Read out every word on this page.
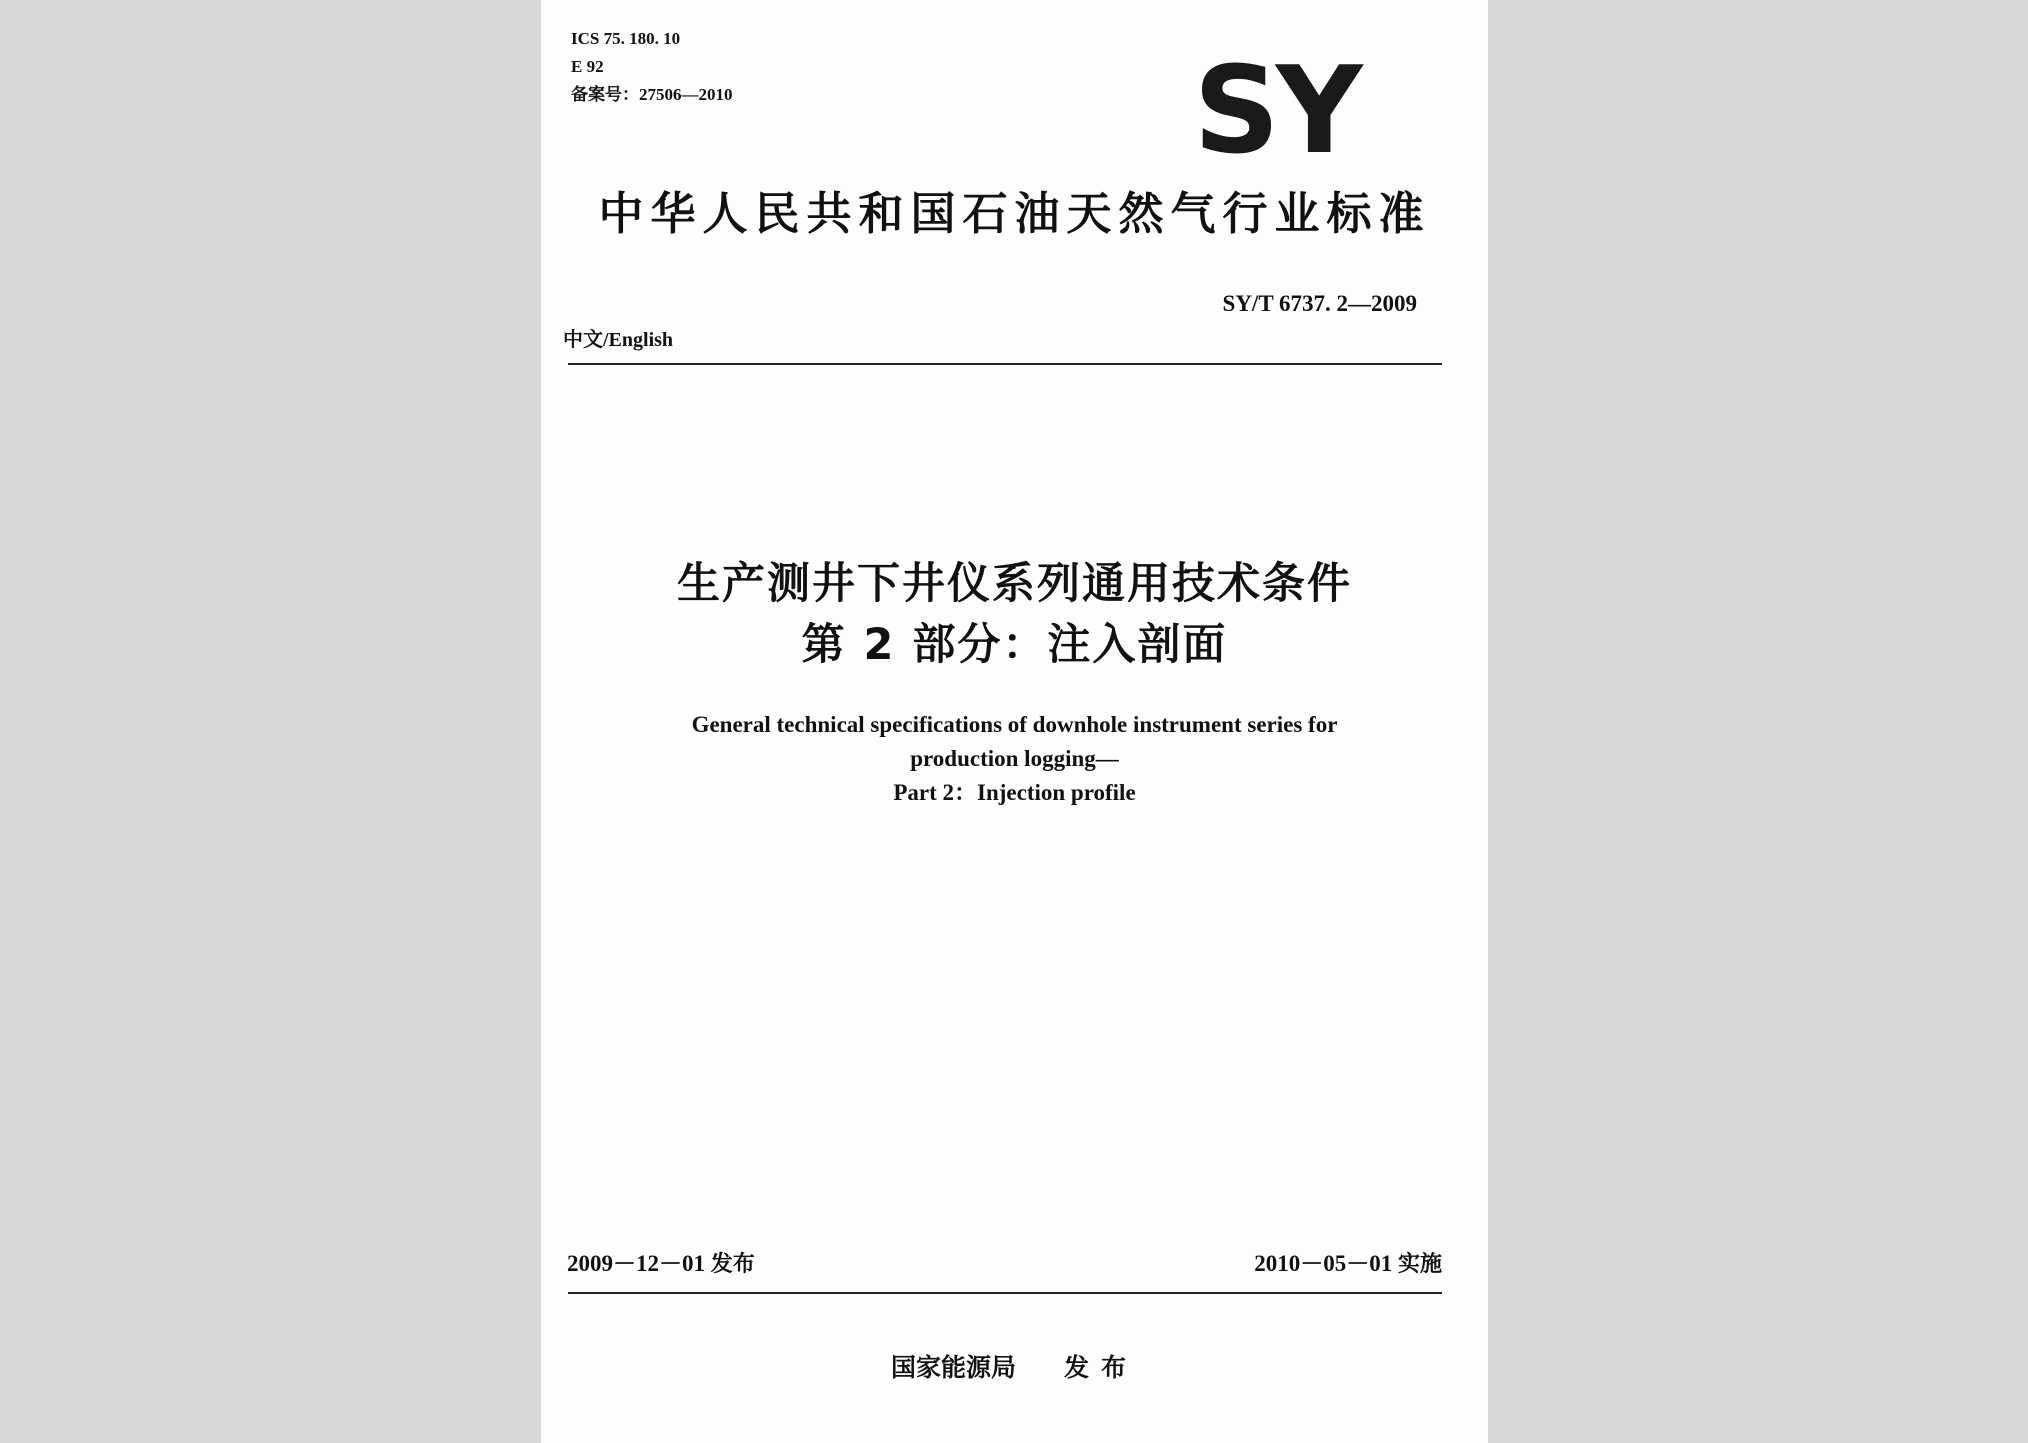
ICS 75. 180. 10
E 92
备案号：27506—2010	SY
中华人民共和国石油天然气行业标准
SY/T 6737. 2—2009
中文/English
生产测井下井仪系列通用技术条件
第 2 部分：注入剖面
General technical specifications of downhole instrument series for
production logging—
Part 2：Injection profile
2009－12－01 发布	2010－05－01 实施
国家能源局 发布
